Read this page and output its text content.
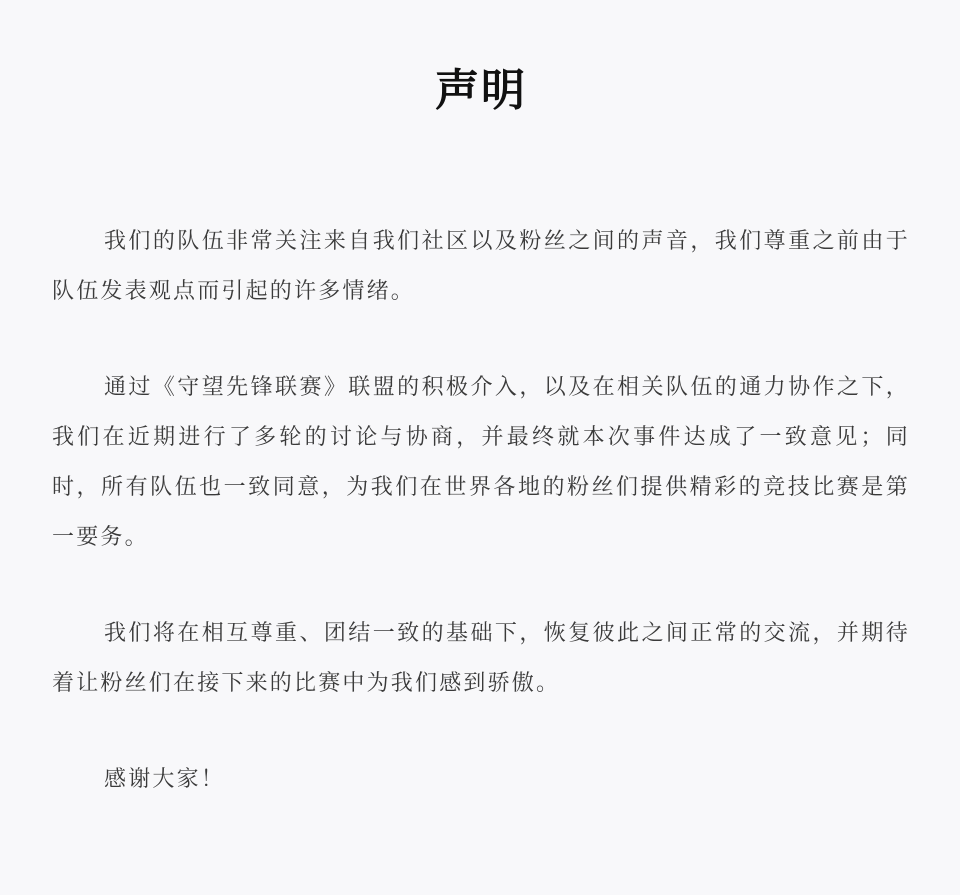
声明

我们的队伍非常关注来自我们社区以及粉丝之间的声音，我们尊重之前由于队伍发表观点而引起的许多情绪。

通过《守望先锋联赛》联盟的积极介入，以及在相关队伍的通力协作之下，我们在近期进行了多轮的讨论与协商，并最终就本次事件达成了一致意见；同时，所有队伍也一致同意，为我们在世界各地的粉丝们提供精彩的竞技比赛是第一要务。

我们将在相互尊重、团结一致的基础下，恢复彼此之间正常的交流，并期待着让粉丝们在接下来的比赛中为我们感到骄傲。

感谢大家！
